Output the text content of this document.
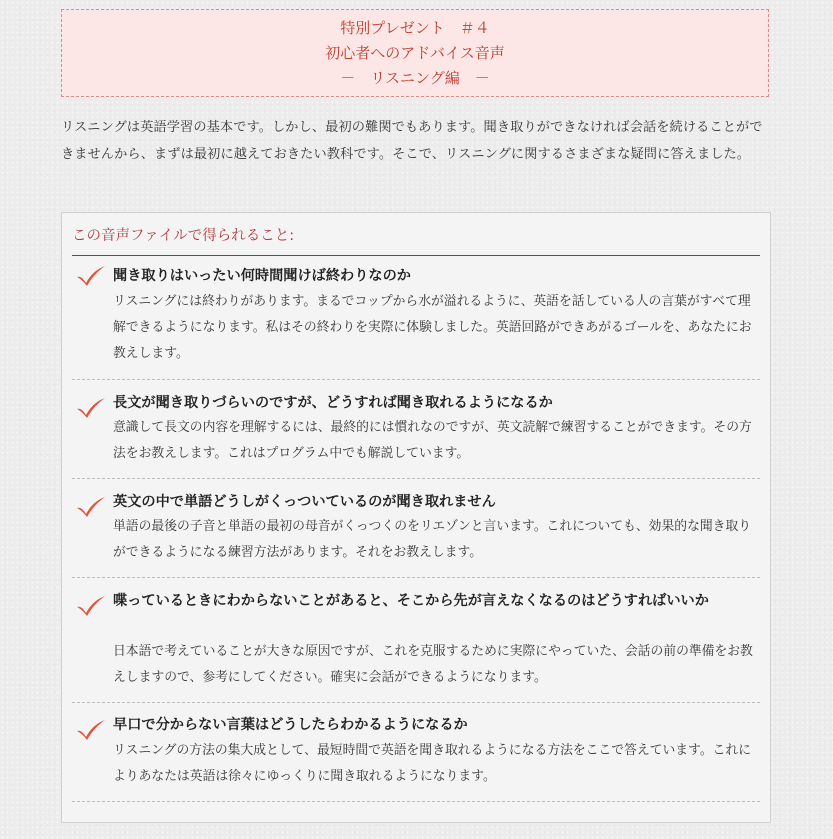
特別プレゼント　＃４
初心者へのアドバイス音声
－　リスニング編　－
リスニングは英語学習の基本です。しかし、最初の難関でもあります。聞き取りができなければ会話を続けることができませんから、まずは最初に越えておきたい教科です。そこで、リスニングに関するさまざまな疑問に答えました。
この音声ファイルで得られること:
聞き取りはいったい何時間聞けば終わりなのか
リスニングには終わりがあります。まるでコップから水が溢れるように、英語を話している人の言葉がすべて理解できるようになります。私はその終わりを実際に体験しました。英語回路ができあがるゴールを、あなたにお教えします。
長文が聞き取りづらいのですが、どうすれば聞き取れるようになるか
意識して長文の内容を理解するには、最終的には慣れなのですが、英文読解で練習することができます。その方法をお教えします。これはプログラム中でも解説しています。
英文の中で単語どうしがくっついているのが聞き取れません
単語の最後の子音と単語の最初の母音がくっつくのをリエゾンと言います。これについても、効果的な聞き取りができるようになる練習方法があります。それをお教えします。
喋っているときにわからないことがあると、そこから先が言えなくなるのはどうすればいいか
日本語で考えていることが大きな原因ですが、これを克服するために実際にやっていた、会話の前の準備をお教えしますので、参考にしてください。確実に会話ができるようになります。
早口で分からない言葉はどうしたらわかるようになるか
リスニングの方法の集大成として、最短時間で英語を聞き取れるようになる方法をここで答えています。これによりあなたは英語は徐々にゆっくりに聞き取れるようになります。
